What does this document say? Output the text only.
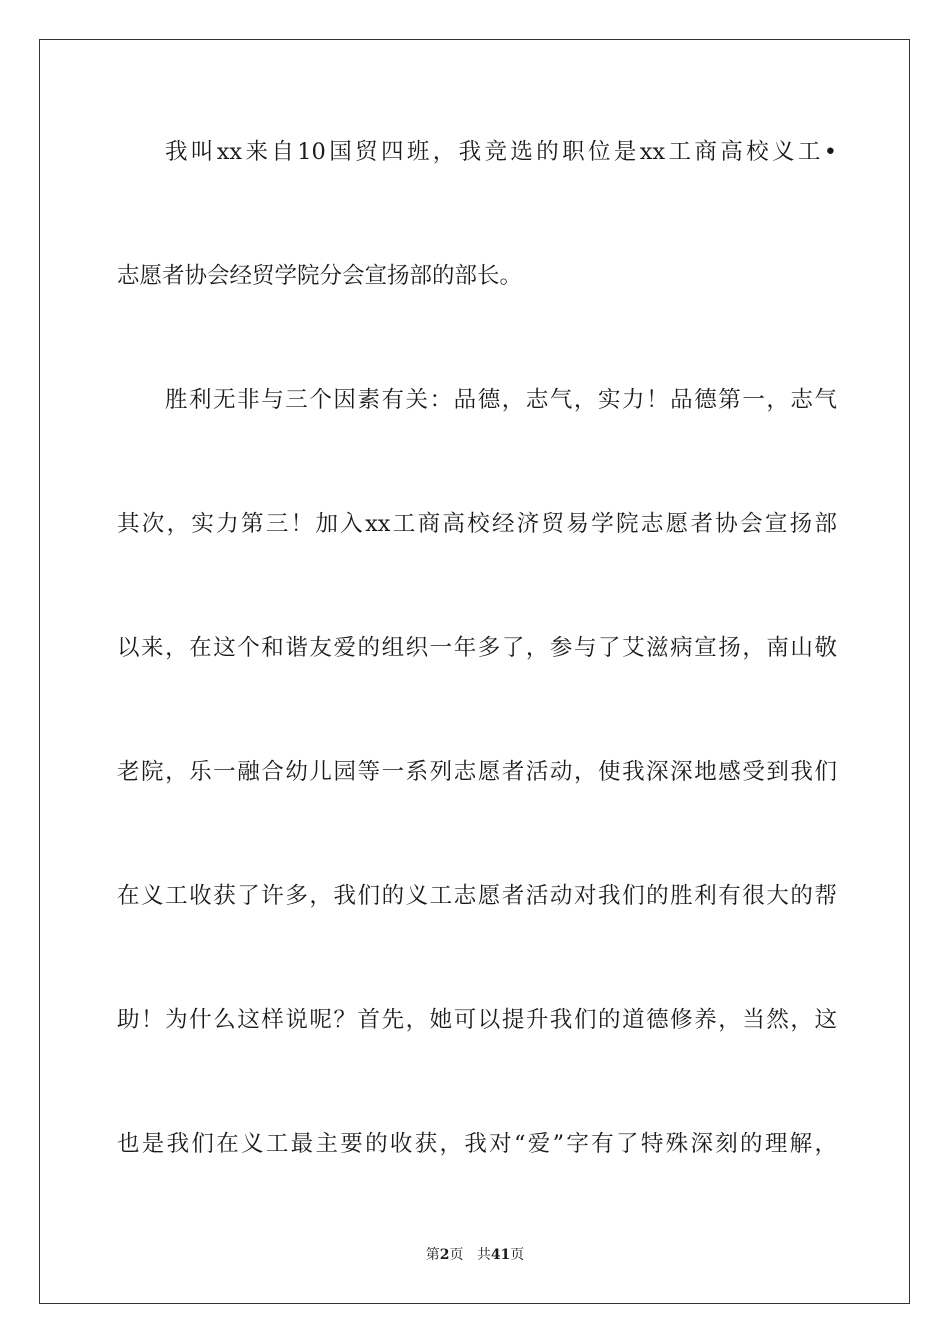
我叫xx来自10国贸四班，我竞选的职位是xx工商高校义工•
志愿者协会经贸学院分会宣扬部的部长。
胜利无非与三个因素有关：品德，志气，实力！品德第一，志气
其次，实力第三！加入xx工商高校经济贸易学院志愿者协会宣扬部
以来，在这个和谐友爱的组织一年多了，参与了艾滋病宣扬，南山敬
老院，乐一融合幼儿园等一系列志愿者活动，使我深深地感受到我们
在义工收获了许多，我们的义工志愿者活动对我们的胜利有很大的帮
助！为什么这样说呢？首先，她可以提升我们的道德修养，当然，这
也是我们在义工最主要的收获，我对“爱”字有了特殊深刻的理解，
第2页 共41页
